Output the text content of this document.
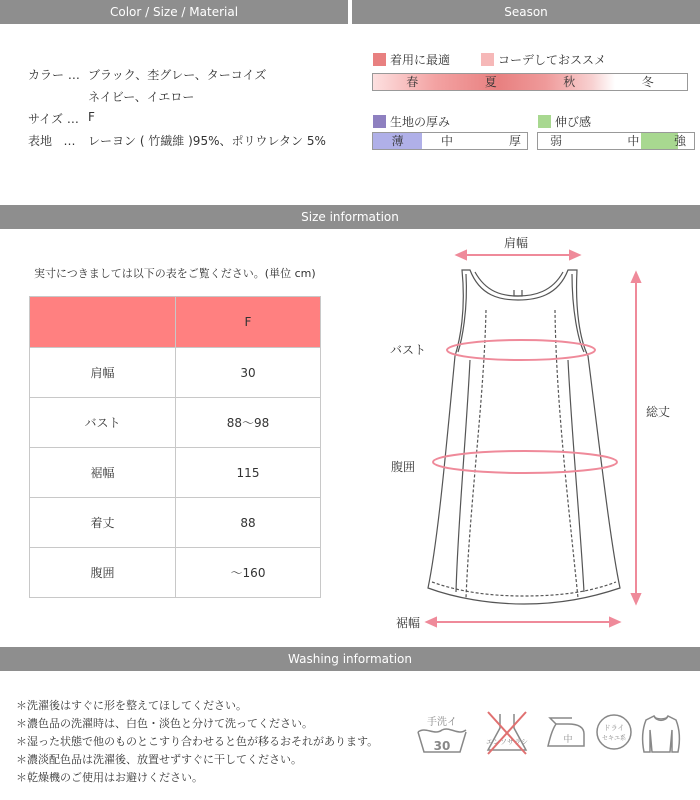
Color / Size / Material	Season
カラー … ブラック、杢グレー、ターコイズ
ネイビー、イエロー
サイズ … F
表地 …	レーヨン ( 竹繊維 )95%、ポリウレタン 5%
着用に最適	コーデしておススメ
春	夏	秋	冬
生地の厚み
薄	中	厚
伸び感
弱	中	強
Size information
実寸につきましては以下の表をご覧ください。(単位 cm)
	F
肩幅	30
バスト	88〜98
裾幅	115
着丈	88
腹囲	〜160
肩幅
バスト
総丈
腹囲
裾幅
Washing information
＊洗濯後はすぐに形を整えてほしてください。
＊濃色品の洗濯時は、白色・淡色と分けて洗ってください。
＊湿った状態で他のものとこすり合わせると色が移るおそれがあります。
＊濃淡配色品は洗濯後、放置せずすぐに干してください。
＊乾燥機のご使用はお避けください。
手洗イ
30	エンソサラシ	中
ドライ
セキユ系
